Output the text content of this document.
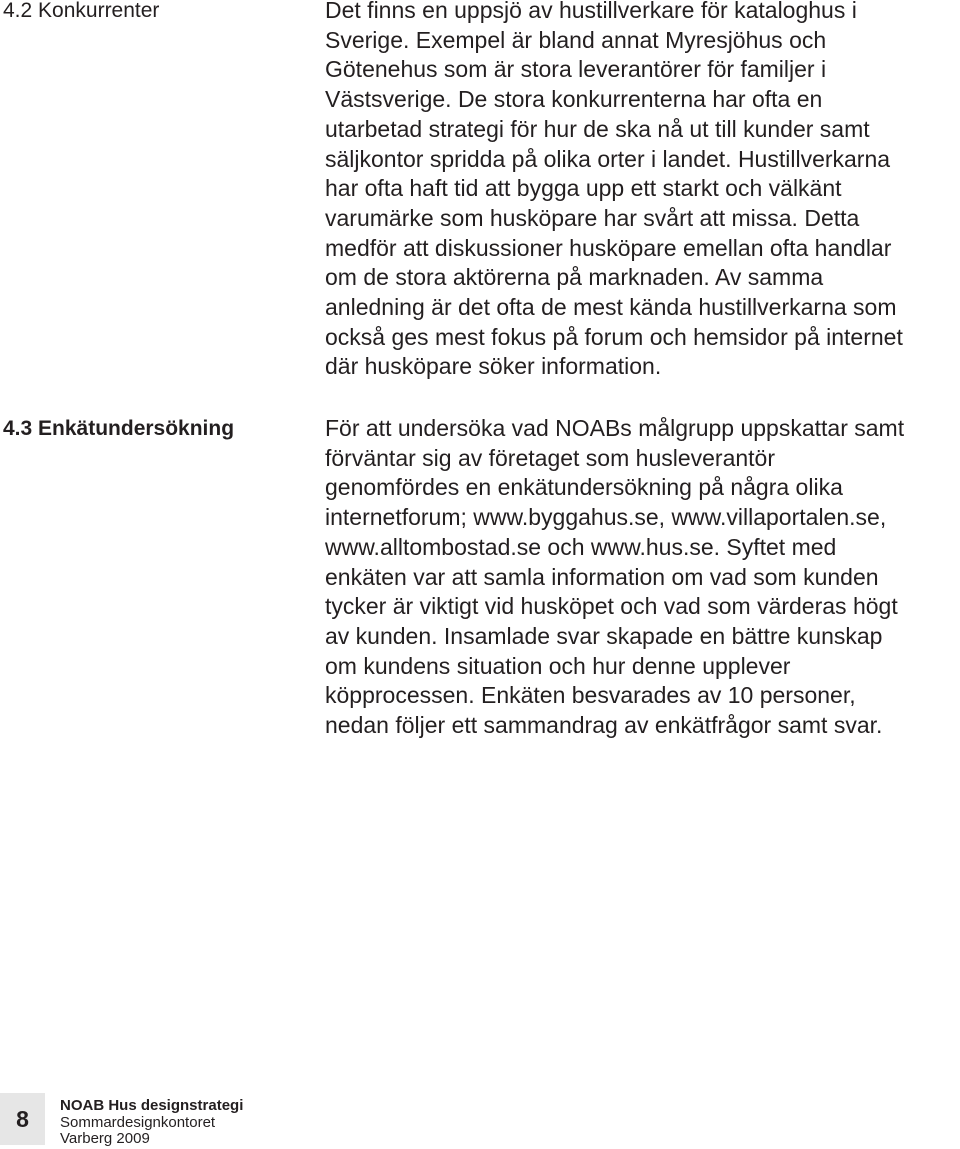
4.2 Konkurrenter	Det finns en uppsjö av hustillverkare för kataloghus i
Sverige. Exempel är bland annat Myresjöhus och
Götenehus som är stora leverantörer för familjer i
Västsverige. De stora konkurrenterna har ofta en
utarbetad strategi för hur de ska nå ut till kunder samt
säljkontor spridda på olika orter i landet. Hustillverkarna
har ofta haft tid att bygga upp ett starkt och välkänt
varumärke som husköpare har svårt att missa. Detta
medför att diskussioner husköpare emellan ofta handlar
om de stora aktörerna på marknaden. Av samma
anledning är det ofta de mest kända hustillverkarna som
också ges mest fokus på forum och hemsidor på internet
där husköpare söker information.

4.3 Enkätundersökning	För att undersöka vad NOABs målgrupp uppskattar samt
förväntar sig av företaget som husleverantör
genomfördes en enkätundersökning på några olika
internetforum; www.byggahus.se, www.villaportalen.se,
www.alltombostad.se och www.hus.se. Syftet med
enkäten var att samla information om vad som kunden
tycker är viktigt vid husköpet och vad som värderas högt
av kunden. Insamlade svar skapade en bättre kunskap
om kundens situation och hur denne upplever
köpprocessen. Enkäten besvarades av 10 personer,
nedan följer ett sammandrag av enkätfrågor samt svar.

8	NOAB Hus designstrategi
Sommardesignkontoret
Varberg 2009
